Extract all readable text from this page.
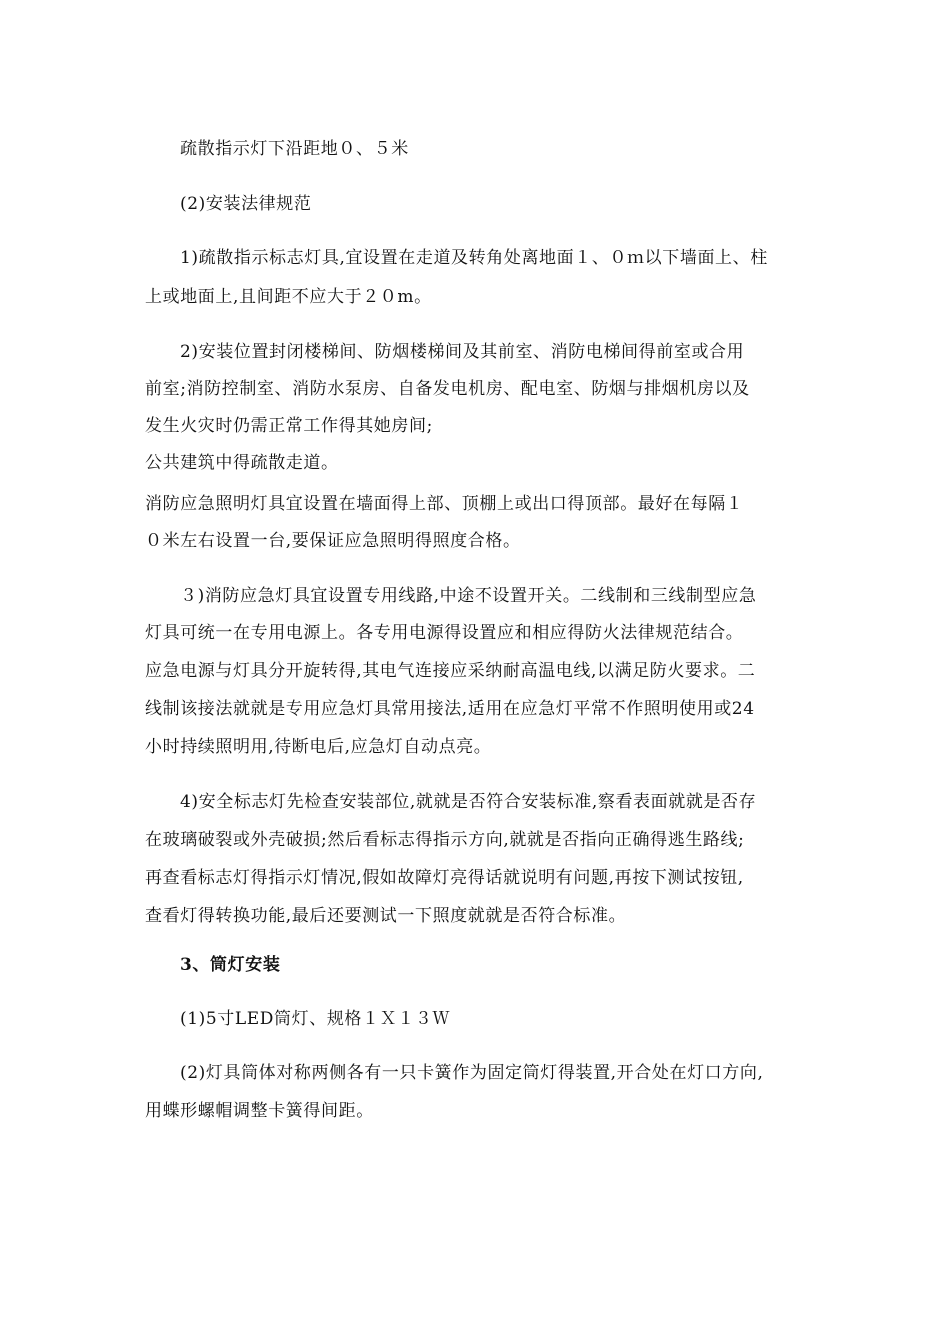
疏散指示灯下沿距地０、５米
(2)安装法律规范
1)疏散指示标志灯具,宜设置在走道及转角处离地面１、０ｍ以下墙面上、柱
上或地面上,且间距不应大于２０m。
2)安装位置封闭楼梯间、防烟楼梯间及其前室、消防电梯间得前室或合用
前室;消防控制室、消防水泵房、自备发电机房、配电室、防烟与排烟机房以及
发生火灾时仍需正常工作得其她房间;
公共建筑中得疏散走道。
消防应急照明灯具宜设置在墙面得上部、顶棚上或出口得顶部。最好在每隔１
０米左右设置一台,要保证应急照明得照度合格。
３)消防应急灯具宜设置专用线路,中途不设置开关。二线制和三线制型应急
灯具可统一在专用电源上。各专用电源得设置应和相应得防火法律规范结合。
应急电源与灯具分开旋转得,其电气连接应采纳耐高温电线,以满足防火要求。二
线制该接法就就是专用应急灯具常用接法,适用在应急灯平常不作照明使用或24
小时持续照明用,待断电后,应急灯自动点亮。
4)安全标志灯先检查安装部位,就就是否符合安装标准,察看表面就就是否存
在玻璃破裂或外壳破损;然后看标志得指示方向,就就是否指向正确得逃生路线;
再查看标志灯得指示灯情况,假如故障灯亮得话就说明有问题,再按下测试按钮,
查看灯得转换功能,最后还要测试一下照度就就是否符合标准。
3、筒灯安装
(1)5寸LED筒灯、规格１Ｘ１３Ｗ
(2)灯具筒体对称两侧各有一只卡簧作为固定筒灯得装置,开合处在灯口方向,
用蝶形螺帽调整卡簧得间距。
